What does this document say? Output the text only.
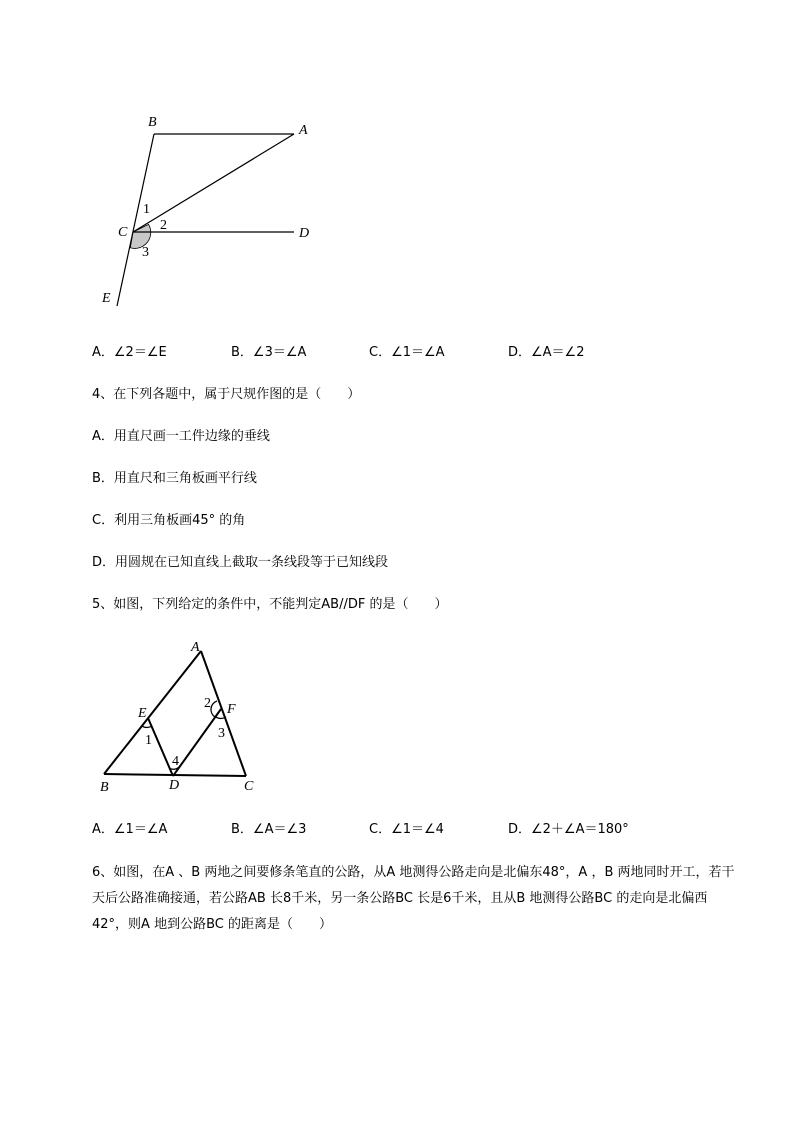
B
A
C	D
E
1
2
3
A．∠2＝∠E	B．∠3＝∠A	C．∠1＝∠A	D．∠A＝∠2
4、在下列各题中，属于尺规作图的是（　　）
A．用直尺画一工件边缘的垂线
B．用直尺和三角板画平行线
C．利用三角板画45° 的角
D．用圆规在已知直线上截取一条线段等于已知线段
5、如图，下列给定的条件中，不能判定AB//DF 的是（　　）
A
E	F
B	D	C
1
2
3
4
A．∠1＝∠A	B．∠A＝∠3	C．∠1＝∠4	D．∠2＋∠A＝180°
6、如图，在A 、B 两地之间要修条笔直的公路，从A 地测得公路走向是北偏东48°，A ，B 两地同时开工，若干天后公路准确接通，若公路AB 长8千米，另一条公路BC 长是6千米，且从B 地测得公路BC 的走向是北偏西42°，则A 地到公路BC 的距离是（　　）
